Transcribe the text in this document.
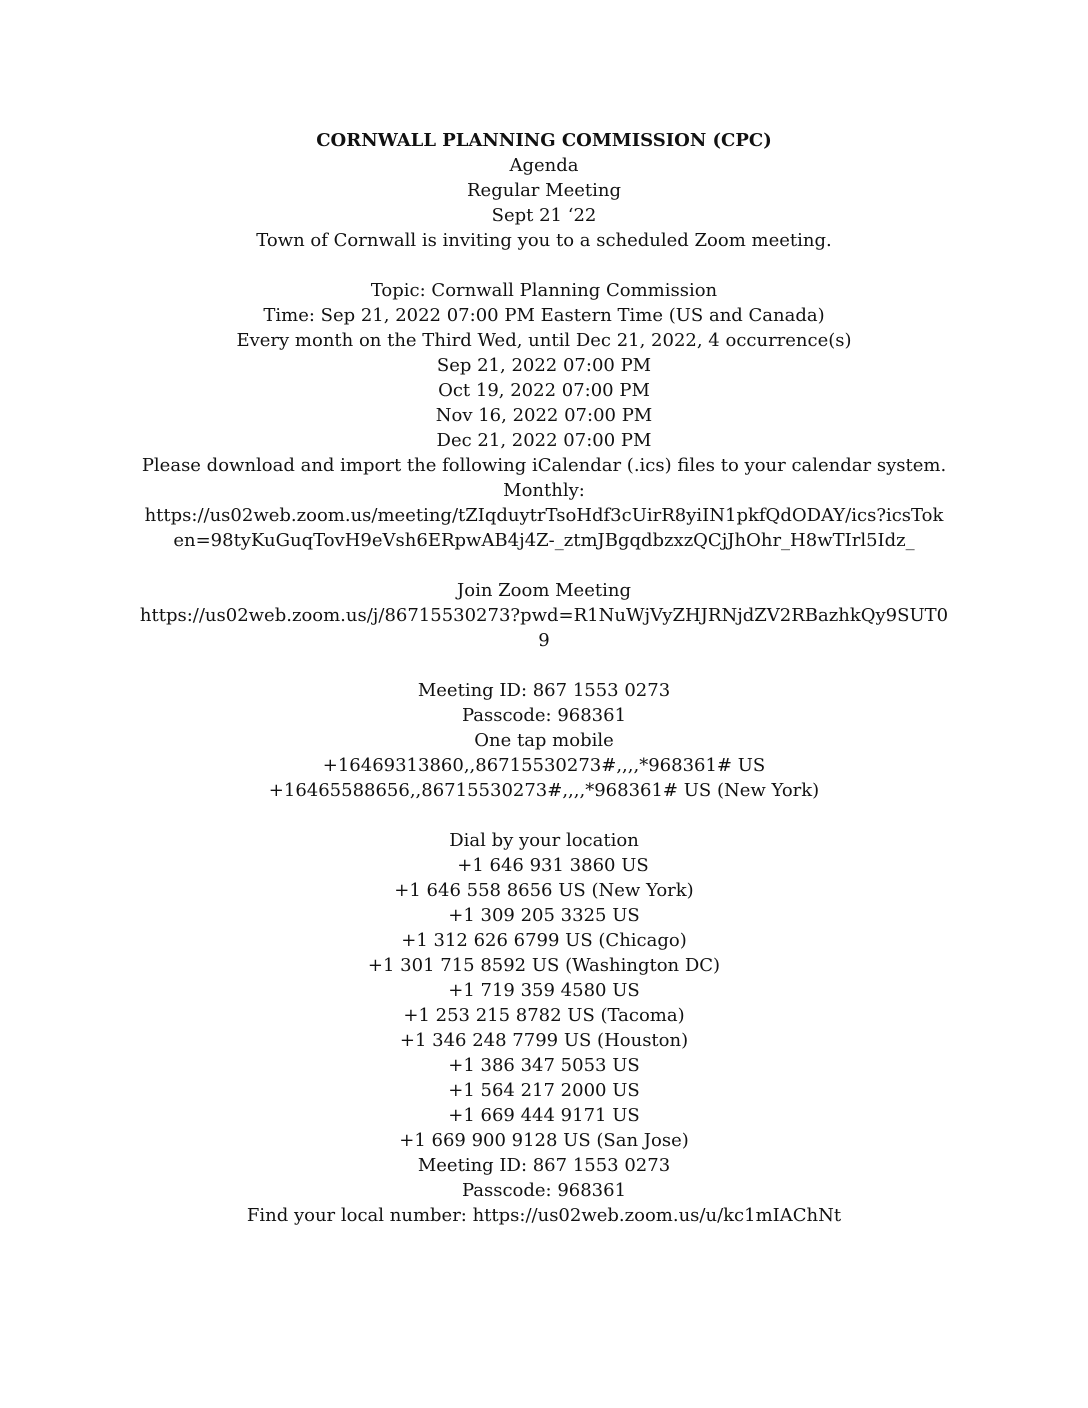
CORNWALL PLANNING COMMISSION (CPC)
Agenda
Regular Meeting
Sept 21 ‘22
Town of Cornwall is inviting you to a scheduled Zoom meeting.
Topic: Cornwall Planning Commission
Time: Sep 21, 2022 07:00 PM Eastern Time (US and Canada)
Every month on the Third Wed, until Dec 21, 2022, 4 occurrence(s)
Sep 21, 2022 07:00 PM
Oct 19, 2022 07:00 PM
Nov 16, 2022 07:00 PM
Dec 21, 2022 07:00 PM
Please download and import the following iCalendar (.ics) files to your calendar system.
Monthly:
https://us02web.zoom.us/meeting/tZIqduytrTsoHdf3cUirR8yiIN1pkfQdODAY/ics?icsTok
en=98tyKuGuqTovH9eVsh6ERpwAB4j4Z-_ztmJBgqdbzxzQCjJhOhr_H8wTIrl5Idz_
Join Zoom Meeting
https://us02web.zoom.us/j/86715530273?pwd=R1NuWjVyZHJRNjdZV2RBazhkQy9SUT0
9
Meeting ID: 867 1553 0273
Passcode: 968361
One tap mobile
+16469313860,,86715530273#,,,,*968361# US
+16465588656,,86715530273#,,,,*968361# US (New York)
Dial by your location
+1 646 931 3860 US
+1 646 558 8656 US (New York)
+1 309 205 3325 US
+1 312 626 6799 US (Chicago)
+1 301 715 8592 US (Washington DC)
+1 719 359 4580 US
+1 253 215 8782 US (Tacoma)
+1 346 248 7799 US (Houston)
+1 386 347 5053 US
+1 564 217 2000 US
+1 669 444 9171 US
+1 669 900 9128 US (San Jose)
Meeting ID: 867 1553 0273
Passcode: 968361
Find your local number: https://us02web.zoom.us/u/kc1mIAChNt
